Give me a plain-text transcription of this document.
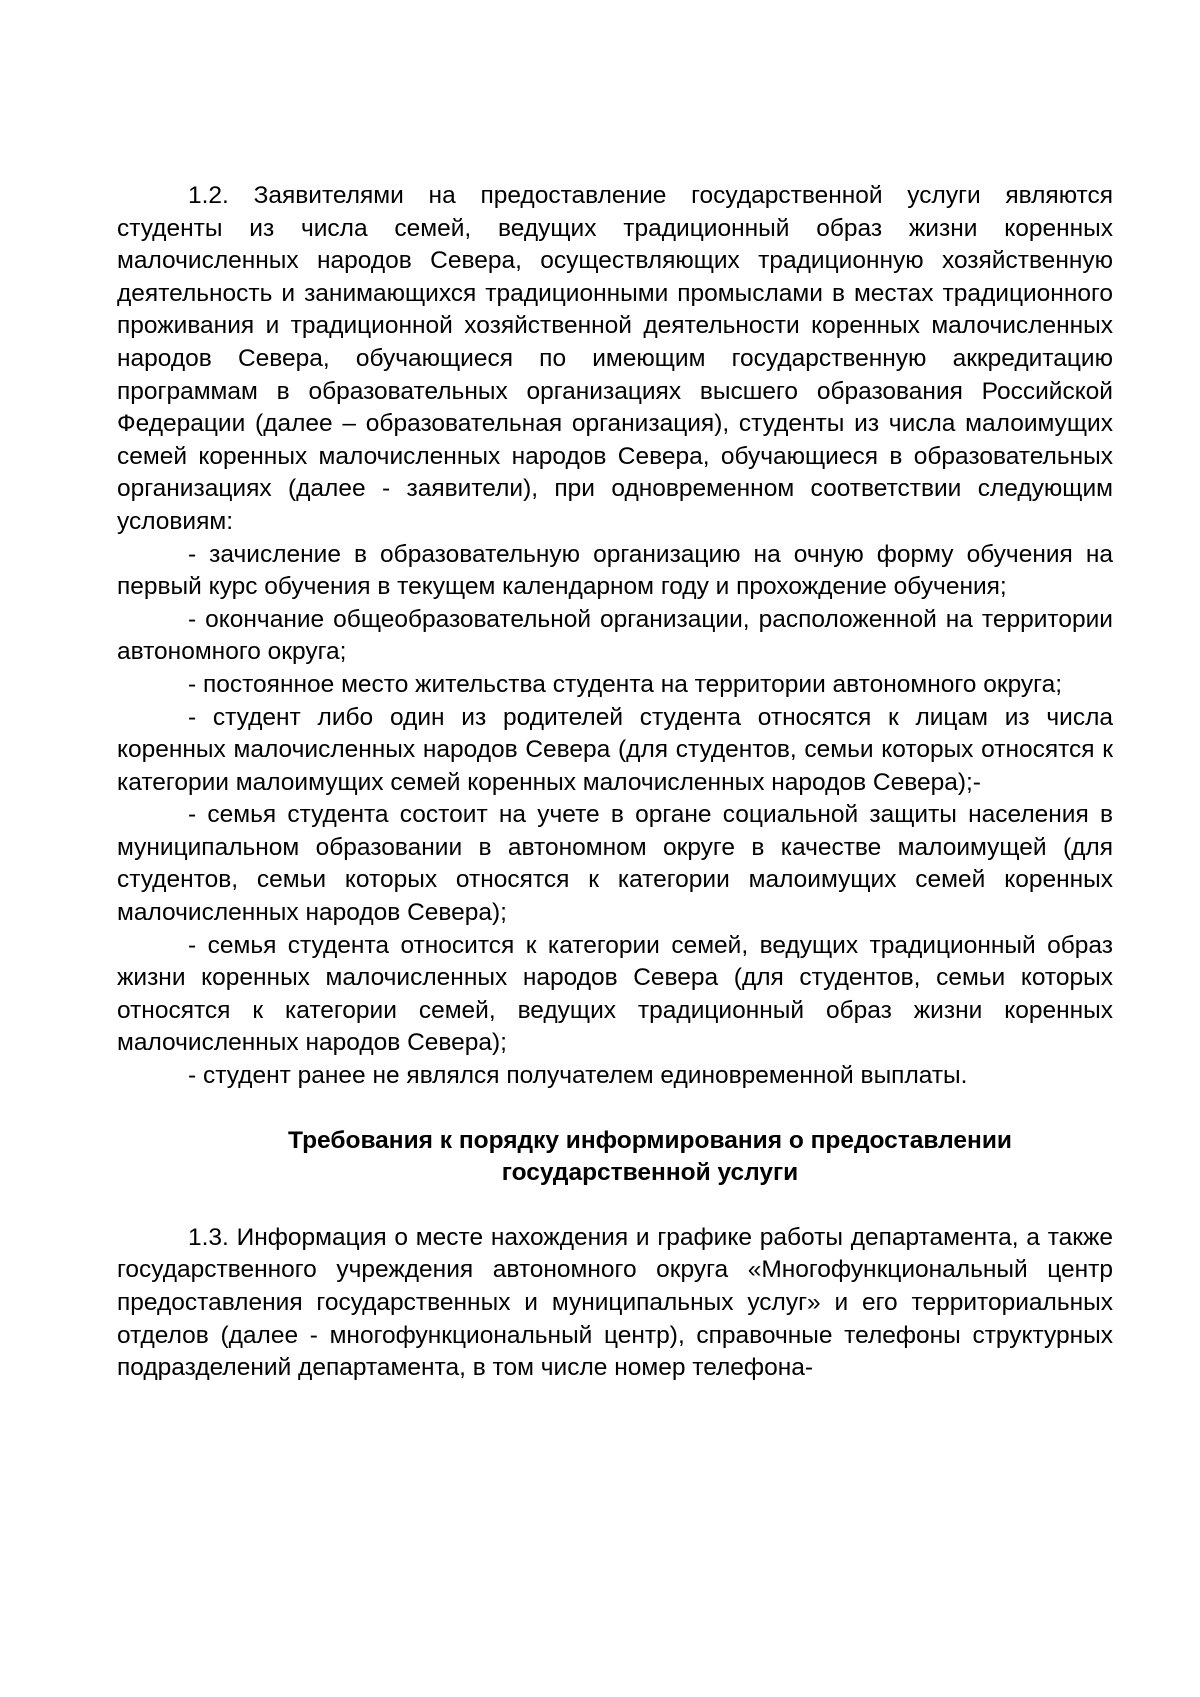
1.2. Заявителями на предоставление государственной услуги являются студенты из числа семей, ведущих традиционный образ жизни коренных малочисленных народов Севера, осуществляющих традиционную хозяйственную деятельность и занимающихся традиционными промыслами в местах традиционного проживания и традиционной хозяйственной деятельности коренных малочисленных народов Севера, обучающиеся по имеющим государственную аккредитацию программам в образовательных организациях высшего образования Российской Федерации (далее – образовательная организация), студенты из числа малоимущих семей коренных малочисленных народов Севера, обучающиеся в образовательных организациях (далее - заявители), при одновременном соответствии следующим условиям:

- зачисление в образовательную организацию на очную форму обучения на первый курс обучения в текущем календарном году и прохождение обучения;

- окончание общеобразовательной организации, расположенной на территории автономного округа;

- постоянное место жительства студента на территории автономного округа;

- студент либо один из родителей студента относятся к лицам из числа коренных малочисленных народов Севера (для студентов, семьи которых относятся к категории малоимущих семей коренных малочисленных народов Севера);-

- семья студента состоит на учете в органе социальной защиты населения в муниципальном образовании в автономном округе в качестве малоимущей (для студентов, семьи которых относятся к категории малоимущих семей коренных малочисленных народов Севера);

- семья студента относится к категории семей, ведущих традиционный образ жизни коренных малочисленных народов Севера (для студентов, семьи которых относятся к категории семей, ведущих традиционный образ жизни коренных малочисленных народов Севера);

- студент ранее не являлся получателем единовременной выплаты.

Требования к порядку информирования о предоставлении
государственной услуги

1.3. Информация о месте нахождения и графике работы департамента, а также государственного учреждения автономного округа «Многофункциональный центр предоставления государственных и муниципальных услуг» и его территориальных отделов (далее - многофункциональный центр), справочные телефоны структурных подразделений департамента, в том числе номер телефона-
